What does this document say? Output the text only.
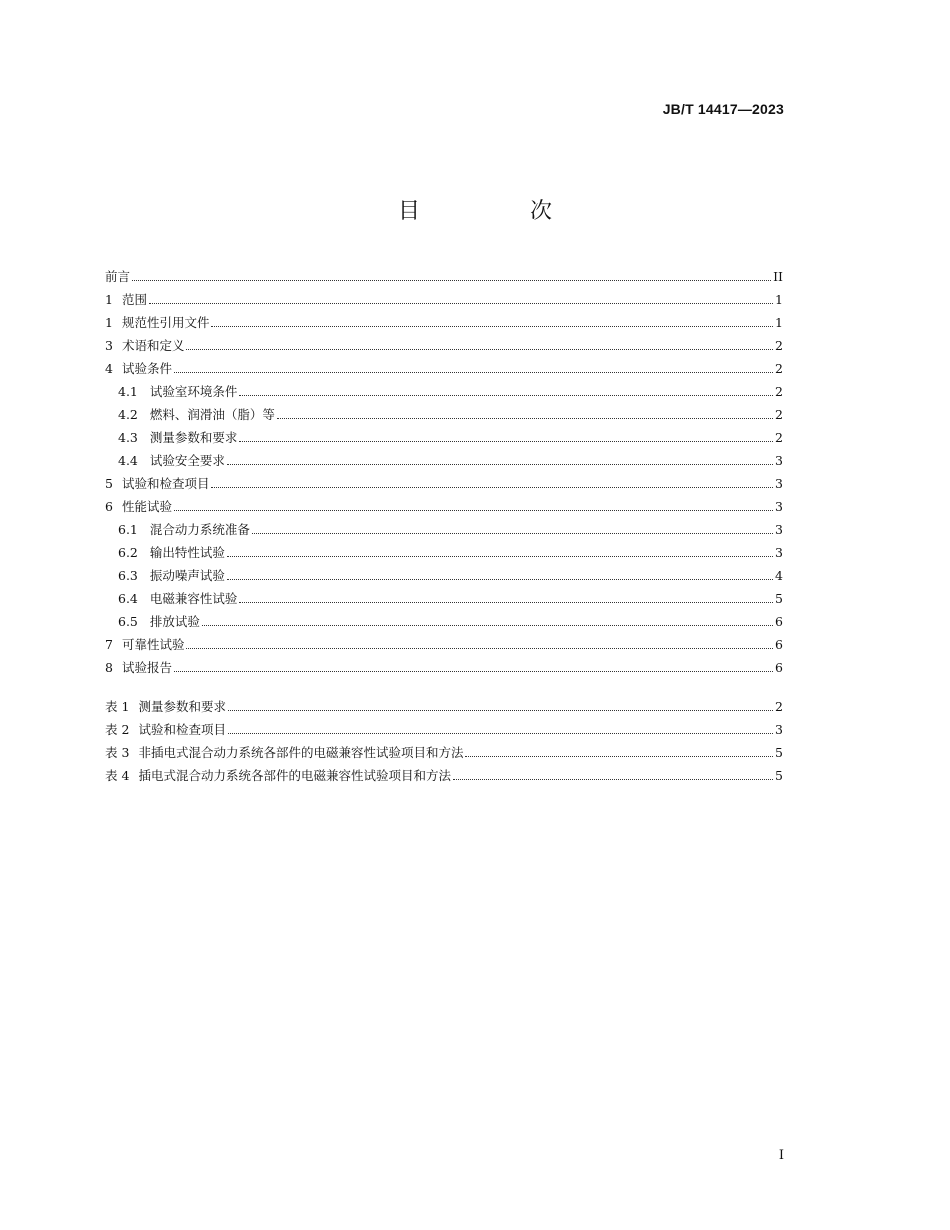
JB/T 14417—2023
目　次
前言	II
1 范围	1
1 规范性引用文件	1
3 术语和定义	2
4 试验条件	2
4.1 试验室环境条件	2
4.2 燃料、润滑油（脂）等	2
4.3 测量参数和要求	2
4.4 试验安全要求	3
5 试验和检查项目	3
6 性能试验	3
6.1 混合动力系统准备	3
6.2 输出特性试验	3
6.3 振动噪声试验	4
6.4 电磁兼容性试验	5
6.5 排放试验	6
7 可靠性试验	6
8 试验报告	6
表 1 测量参数和要求	2
表 2 试验和检查项目	3
表 3 非插电式混合动力系统各部件的电磁兼容性试验项目和方法	5
表 4 插电式混合动力系统各部件的电磁兼容性试验项目和方法	5
I
